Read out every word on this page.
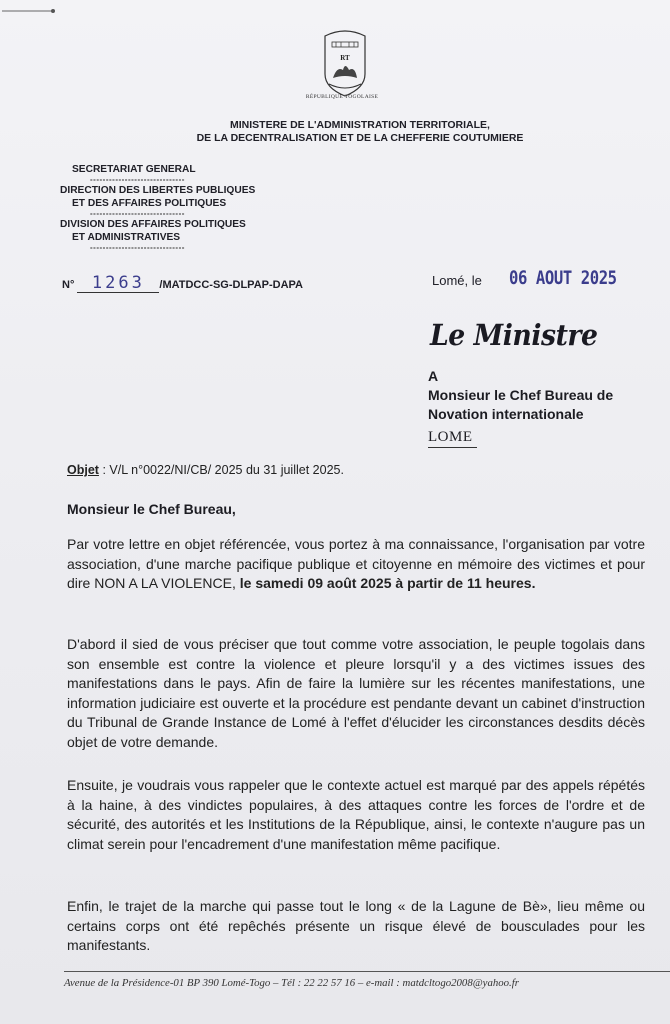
RT
RÉPUBLIQUE TOGOLAISE
MINISTERE DE L'ADMINISTRATION TERRITORIALE,
DE LA DECENTRALISATION ET DE LA CHEFFERIE COUTUMIERE
SECRETARIAT GENERAL
------------------------------
DIRECTION DES LIBERTES PUBLIQUES
ET DES AFFAIRES POLITIQUES
------------------------------
DIVISION DES AFFAIRES POLITIQUES
ET ADMINISTRATIVES
------------------------------
N° 1263 /MATDCC-SG-DLPAP-DAPA	Lomé, le 06 AOUT 2025
Le Ministre
A
Monsieur le Chef Bureau de
Novation internationale
LOME
Objet : V/L n°0022/NI/CB/ 2025 du 31 juillet 2025.
Monsieur le Chef Bureau,
Par votre lettre en objet référencée, vous portez à ma connaissance, l'organisation par votre association, d'une marche pacifique publique et citoyenne en mémoire des victimes et pour dire NON A LA VIOLENCE, le samedi 09 août 2025 à partir de 11 heures.
D'abord il sied de vous préciser que tout comme votre association, le peuple togolais dans son ensemble est contre la violence et pleure lorsqu'il y a des victimes issues des manifestations dans le pays. Afin de faire la lumière sur les récentes manifestations, une information judiciaire est ouverte et la procédure est pendante devant un cabinet d'instruction du Tribunal de Grande Instance de Lomé à l'effet d'élucider les circonstances desdits décès objet de votre demande.
Ensuite, je voudrais vous rappeler que le contexte actuel est marqué par des appels répétés à la haine, à des vindictes populaires, à des attaques contre les forces de l'ordre et de sécurité, des autorités et les Institutions de la République, ainsi, le contexte n'augure pas un climat serein pour l'encadrement d'une manifestation même pacifique.
Enfin, le trajet de la marche qui passe tout le long « de la Lagune de Bè», lieu même ou certains corps ont été repêchés présente un risque élevé de bousculades pour les manifestants.
Avenue de la Présidence-01 BP 390 Lomé-Togo – Tél : 22 22 57 16 – e-mail : matdcltogo2008@yahoo.fr
